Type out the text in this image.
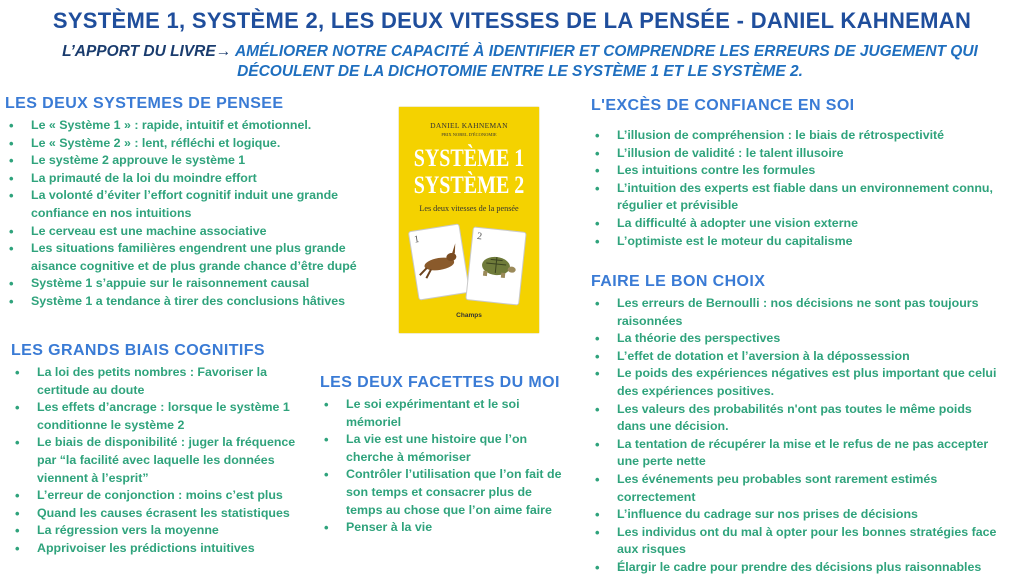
SYSTÈME 1, SYSTÈME 2, LES DEUX VITESSES DE LA PENSÉE - DANIEL KAHNEMAN
L’APPORT DU LIVRE→ AMÉLIORER NOTRE CAPACITÉ À IDENTIFIER ET COMPRENDRE LES ERREURS DE JUGEMENT QUI DÉCOULENT DE LA DICHOTOMIE ENTRE LE SYSTÈME 1 ET LE SYSTÈME 2.
LES DEUX SYSTEMES DE PENSEE
• Le « Système 1 » : rapide, intuitif et émotionnel.
• Le « Système 2 » : lent, réfléchi et logique.
• Le système 2 approuve le système 1
• La primauté de la loi du moindre effort
• La volonté d’éviter l’effort cognitif induit une grande confiance en nos intuitions
• Le cerveau est une machine associative
• Les situations familières engendrent une plus grande aisance cognitive et de plus grande chance d’être dupé
• Système 1 s’appuie sur le raisonnement causal
• Système 1 a tendance à tirer des conclusions hâtives
LES GRANDS BIAIS COGNITIFS
• La loi des petits nombres : Favoriser la certitude au doute
• Les effets d’ancrage : lorsque le système 1 conditionne le système 2
• Le biais de disponibilité : juger la fréquence par “la facilité avec laquelle les données viennent à l’esprit”
• L’erreur de conjonction : moins c’est plus
• Quand les causes écrasent les statistiques
• La régression vers la moyenne
• Apprivoiser les prédictions intuitives
LES DEUX FACETTES DU MOI
• Le soi expérimentant et le soi mémoriel
• La vie est une histoire que l’on cherche à mémoriser
• Contrôler l’utilisation que l’on fait de son temps et consacrer plus de temps au chose que l’on aime faire
• Penser à la vie
L'EXCÈS DE CONFIANCE EN SOI
• L’illusion de compréhension : le biais de rétrospectivité
• L’illusion de validité : le talent illusoire
• Les intuitions contre les formules
• L’intuition des experts est fiable dans un environnement connu, régulier et prévisible
• La difficulté à adopter une vision externe
• L’optimiste est le moteur du capitalisme
FAIRE LE BON CHOIX
• Les erreurs de Bernoulli : nos décisions ne sont pas toujours raisonnées
• La théorie des perspectives
• L’effet de dotation et l’aversion à la dépossession
• Le poids des expériences négatives est plus important que celui des expériences positives.
• Les valeurs des probabilités n'ont pas toutes le même poids dans une décision.
• La tentation de récupérer la mise et le refus de ne pas accepter une perte nette
• Les événements peu probables sont rarement estimés correctement
• L’influence du cadrage sur nos prises de décisions
• Les individus ont du mal à opter pour les bonnes stratégies face aux risques
• Élargir le cadre pour prendre des décisions plus raisonnables
DANIEL KAHNEMAN
PRIX NOBEL D'ÉCONOMIE
SYSTÈME 1
SYSTÈME 2
Les deux vitesses de la pensée
1	2
Champs
